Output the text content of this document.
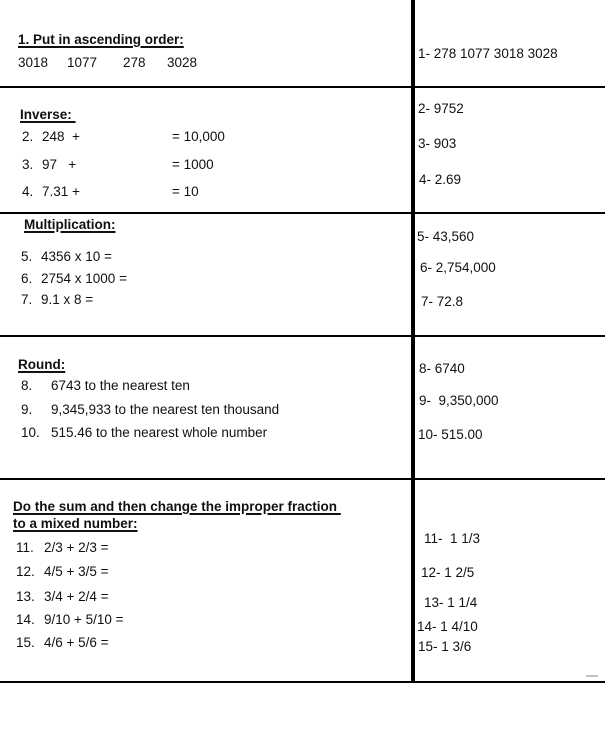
1. Put in ascending order:
3018 1077 278 3028
1- 278 1077 3018 3028
Inverse:
2. 248  +	= 10,000
3. 97   +	= 1000
4. 7.31 +	= 10
2- 9752
3- 903
4- 2.69
Multiplication:
5. 4356 x 10 =
6. 2754 x 1000 =
7. 9.1 x 8 =
5- 43,560
6- 2,754,000
7- 72.8
Round:
8. 6743 to the nearest ten
9. 9,345,933 to the nearest ten thousand
10. 515.46 to the nearest whole number
8- 6740
9-  9,350,000
10- 515.00
Do the sum and then change the improper fraction
to a mixed number:
11. 2/3 + 2/3 =
12. 4/5 + 3/5 =
13. 3/4 + 2/4 =
14. 9/10 + 5/10 =
15. 4/6 + 5/6 =
11-  1 1/3
12- 1 2/5
13- 1 1/4
14- 1 4/10
15- 1 3/6
